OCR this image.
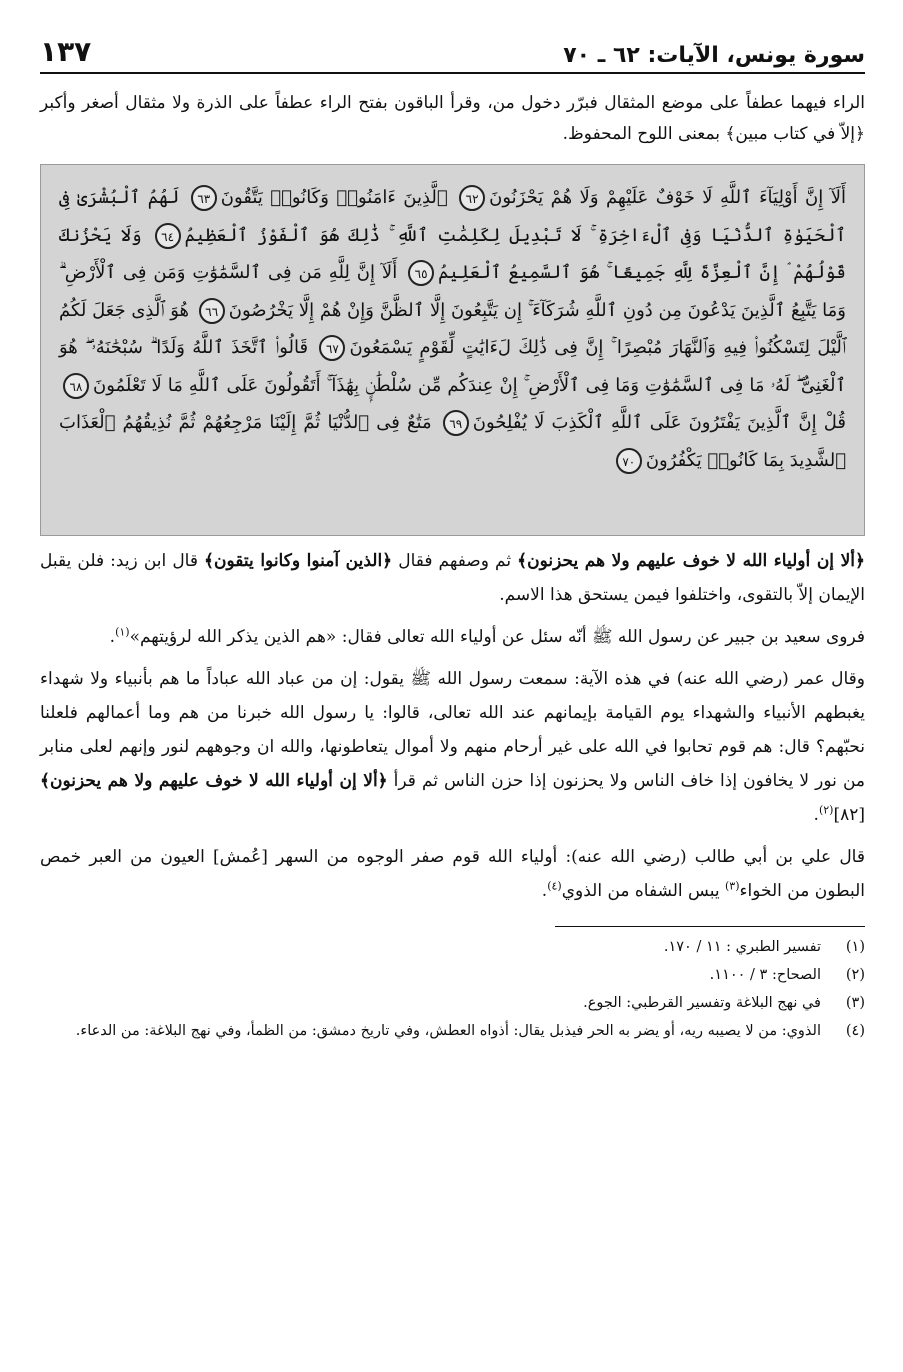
سورة يونس، الآيات: ٦٢ ـ ٧٠
١٣٧
الراء فيهما عطفاً على موضع المثقال فبرّر دخول من، وقرأ الباقون بفتح الراء عطفاً على الذرة ولا مثقال أصغر وأكبر ﴿إلاّ في كتاب مبين﴾ بمعنى اللوح المحفوظ.
أَلَآ إِنَّ أَوْلِيَآءَ ٱللَّهِ لَا خَوْفٌ عَلَيْهِمْ وَلَا هُمْ يَحْزَنُونَ٦٢ ٱلَّذِينَ ءَامَنُوا۟ وَكَانُوا۟ يَتَّقُونَ٦٣ لَهُمُ ٱلْبُشْرَىٰ فِى ٱلْحَيَوٰةِ ٱلدُّنْيَا وَفِى ٱلْءَاخِرَةِ ۚ لَا تَبْدِيلَ لِكَلِمَٰتِ ٱللَّهِ ۚ ذَٰلِكَ هُوَ ٱلْفَوْزُ ٱلْعَظِيمُ٦٤ وَلَا يَحْزُنكَ قَوْلُهُمْ ۘ إِنَّ ٱلْعِزَّةَ لِلَّهِ جَمِيعًا ۚ هُوَ ٱلسَّمِيعُ ٱلْعَلِيمُ٦٥ أَلَآ إِنَّ لِلَّهِ مَن فِى ٱلسَّمَٰوَٰتِ وَمَن فِى ٱلْأَرْضِ ۗ وَمَا يَتَّبِعُ ٱلَّذِينَ يَدْعُونَ مِن دُونِ ٱللَّهِ شُرَكَآءَ ۚ إِن يَتَّبِعُونَ إِلَّا ٱلظَّنَّ وَإِنْ هُمْ إِلَّا يَخْرُصُونَ٦٦ هُوَ ٱلَّذِى جَعَلَ لَكُمُ ٱلَّيْلَ لِتَسْكُنُوا۟ فِيهِ وَٱلنَّهَارَ مُبْصِرًا ۚ إِنَّ فِى ذَٰلِكَ لَءَايَٰتٍ لِّقَوْمٍ يَسْمَعُونَ٦٧ قَالُوا۟ ٱتَّخَذَ ٱللَّهُ وَلَدًا ۗ سُبْحَٰنَهُۥ ۖ هُوَ ٱلْغَنِىُّ ۖ لَهُۥ مَا فِى ٱلسَّمَٰوَٰتِ وَمَا فِى ٱلْأَرْضِ ۚ إِنْ عِندَكُم مِّن سُلْطَٰنٍۭ بِهَٰذَآ ۚ أَتَقُولُونَ عَلَى ٱللَّهِ مَا لَا تَعْلَمُونَ٦٨ قُلْ إِنَّ ٱلَّذِينَ يَفْتَرُونَ عَلَى ٱللَّهِ ٱلْكَذِبَ لَا يُفْلِحُونَ٦٩ مَتَٰعٌ فِى ٱلدُّنْيَا ثُمَّ إِلَيْنَا مَرْجِعُهُمْ ثُمَّ نُذِيقُهُمُ ٱلْعَذَابَ ٱلشَّدِيدَ بِمَا كَانُوا۟ يَكْفُرُونَ٧٠
﴿ألا إن أولياء الله لا خوف عليهم ولا هم يحزنون﴾ ثم وصفهم فقال ﴿الذين آمنوا وكانوا يتقون﴾ قال ابن زيد: فلن يقبل الإيمان إلاّ بالتقوى، واختلفوا فيمن يستحق هذا الاسم.
فروى سعيد بن جبير عن رسول الله ﷺ أنّه سئل عن أولياء الله تعالى فقال: «هم الذين يذكر الله لرؤيتهم»$^{(١)}$.
وقال عمر (رضي الله عنه) في هذه الآية: سمعت رسول الله ﷺ يقول: إن من عباد الله عباداً ما هم بأنبياء ولا شهداء يغبطهم الأنبياء والشهداء يوم القيامة بإيمانهم عند الله تعالى، قالوا: يا رسول الله خبرنا من هم وما أعمالهم فلعلنا نحبّهم؟ قال: هم قوم تحابوا في الله على غير أرحام منهم ولا أموال يتعاطونها، والله ان وجوههم لنور وإنهم لعلى منابر من نور لا يخافون إذا خاف الناس ولا يحزنون إذا حزن الناس ثم قرأ ﴿ألا إن أولياء الله لا خوف عليهم ولا هم يحزنون﴾ [٨٢]$^{(٢)}$.
قال علي بن أبي طالب (رضي الله عنه): أولياء الله قوم صفر الوجوه من السهر [عُمش] العيون من العبر خمص البطون من الخواء$^{(٣)}$ يبس الشفاه من الذوي$^{(٤)}$.
(١)
تفسير الطبري : ١١ / ١٧٠.
(٢)
الصحاح: ٣ / ١١٠٠.
(٣)
في نهج البلاغة وتفسير القرطبي: الجوع.
(٤)
الذوي: من لا يصيبه ريه، أو يضر به الحر فيذبل يقال: أذواه العطش، وفي تاريخ دمشق: من الظمأ، وفي نهج البلاغة: من الدعاء.
